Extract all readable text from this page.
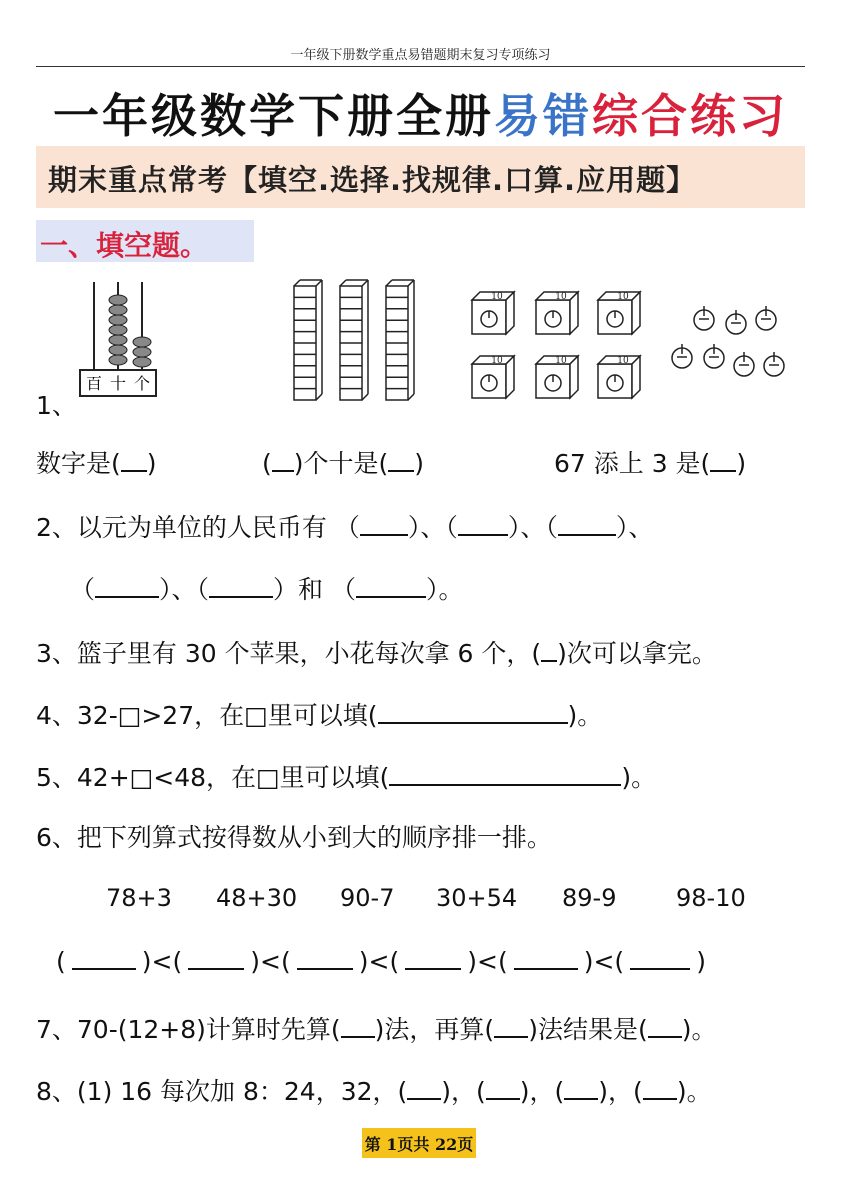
一年级下册数学重点易错题期末复习专项练习
一年级数学下册全册易错综合练习
期末重点常考【填空.选择.找规律.口算.应用题】
一、填空题。
百 十 个
10	10	10
10	10	10
1、
数字是( )	( )个十是( )	67 添上 3 是( )
2、以元为单位的人民币有 （ ）、（ ）、（ ）、
（	）、（	）和 （	）。
3、篮子里有 30 个苹果，小花每次拿 6 个，( )次可以拿完。
4、32-□>27，在□里可以填(	)。
5、42+□<48，在□里可以填(	)。
6、把下列算式按得数从小到大的顺序排一排。
78+3 48+30 90-7 30+54 89-9 98-10
(	)<(	)<(	)<(	)<(	)<(	)
7、70-(12+8)计算时先算( )法，再算( )法结果是( )。
8、(1) 16 每次加 8：24，32，( )，( )，( )，( )。
第 1页共 22页
